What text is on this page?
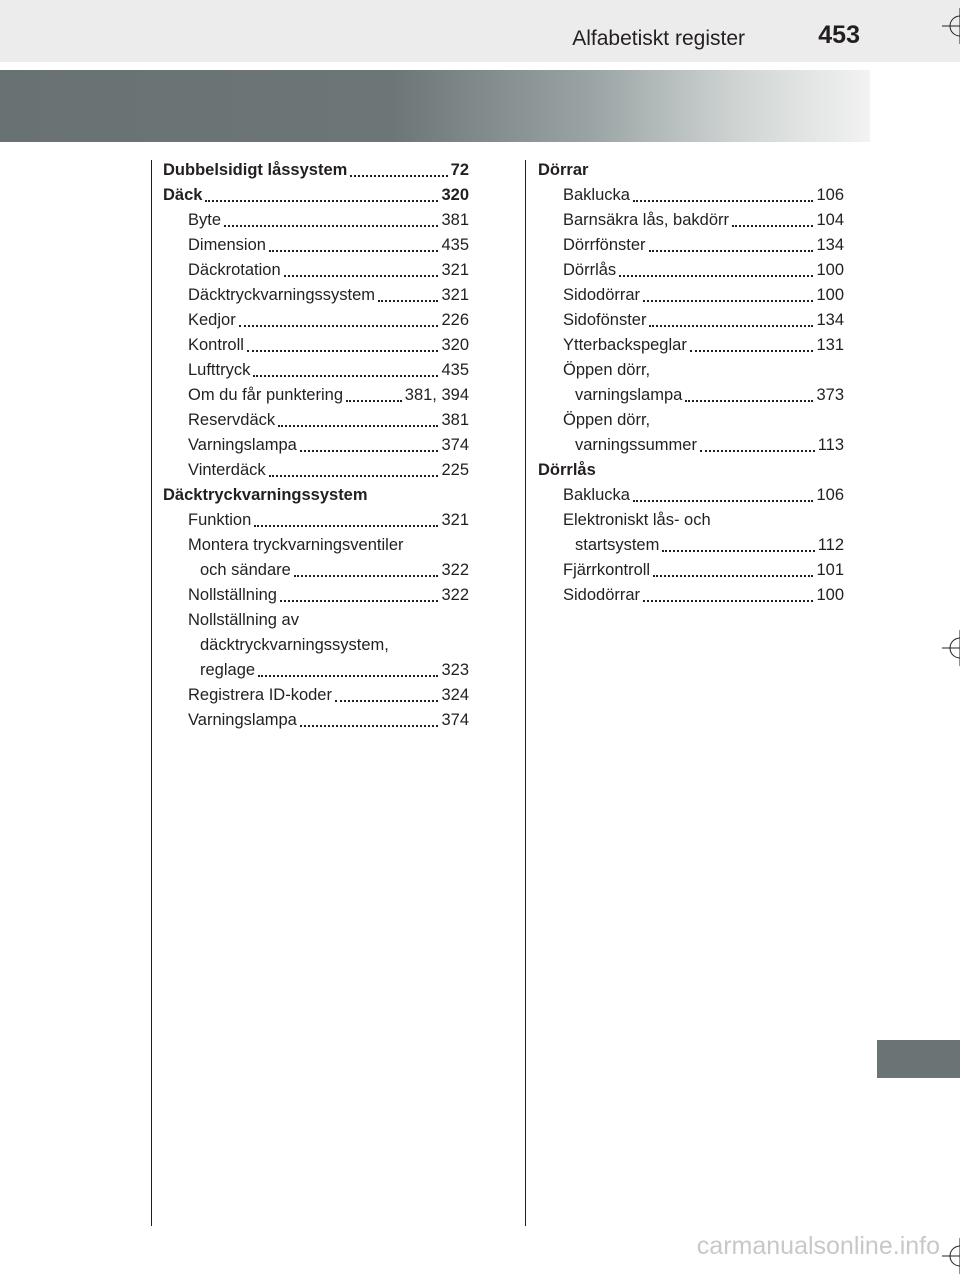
Alfabetiskt register	453
Dubbelsidigt låssystem	72
Däck	320
Byte	381
Dimension	435
Däckrotation	321
Däcktryckvarningssystem	321
Kedjor	226
Kontroll	320
Lufttryck	435
Om du får punktering	381, 394
Reservdäck	381
Varningslampa	374
Vinterdäck	225
Däcktryckvarningssystem
Funktion	321
Montera tryckvarningsventiler
och sändare	322
Nollställning	322
Nollställning av
däcktryckvarningssystem,
reglage	323
Registrera ID-koder	324
Varningslampa	374
Dörrar
Baklucka	106
Barnsäkra lås, bakdörr	104
Dörrfönster	134
Dörrlås	100
Sidodörrar	100
Sidofönster	134
Ytterbackspeglar	131
Öppen dörr,
varningslampa	373
Öppen dörr,
varningssummer	113
Dörrlås
Baklucka	106
Elektroniskt lås- och
startsystem	112
Fjärrkontroll	101
Sidodörrar	100
carmanualsonline.info
